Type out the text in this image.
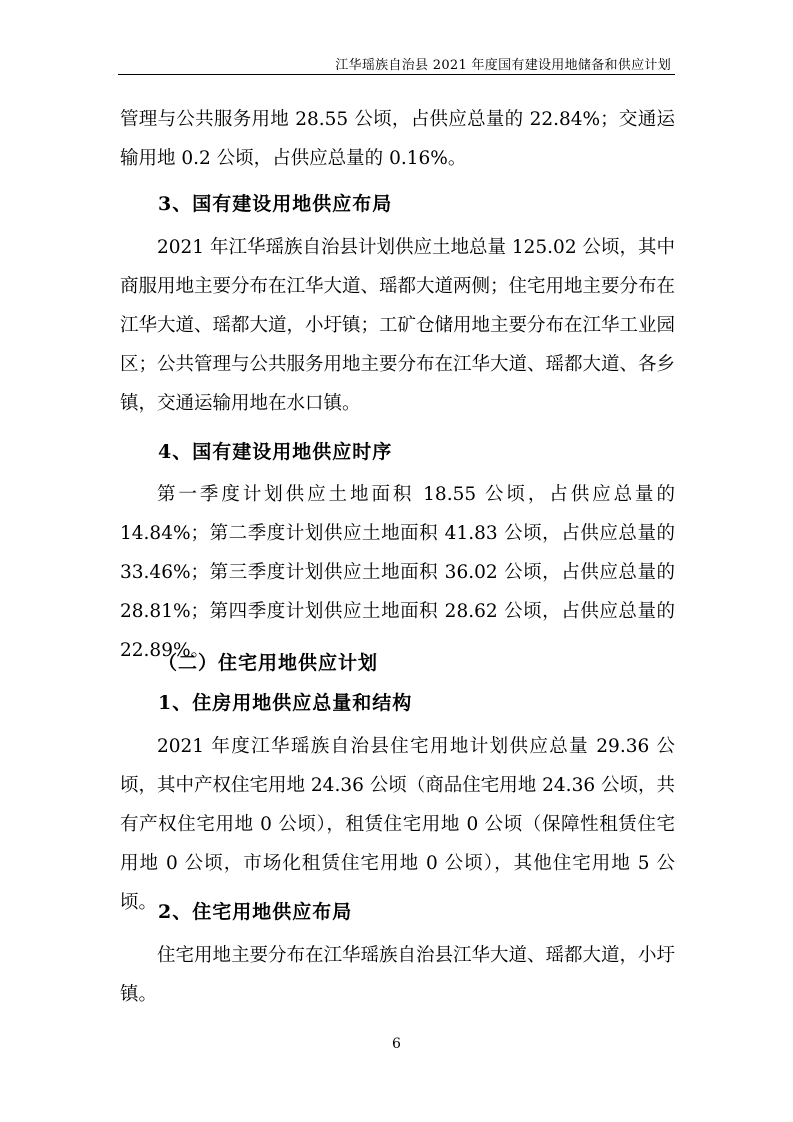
江华瑶族自治县 2021 年度国有建设用地储备和供应计划

管理与公共服务用地 28.55 公顷，占供应总量的 22.84%；交通运输用地 0.2 公顷，占供应总量的 0.16%。

3、国有建设用地供应布局

2021 年江华瑶族自治县计划供应土地总量 125.02 公顷，其中商服用地主要分布在江华大道、瑶都大道两侧；住宅用地主要分布在江华大道、瑶都大道，小圩镇；工矿仓储用地主要分布在江华工业园区；公共管理与公共服务用地主要分布在江华大道、瑶都大道、各乡镇，交通运输用地在水口镇。

4、国有建设用地供应时序

第一季度计划供应土地面积 18.55 公顷，占供应总量的 14.84%；第二季度计划供应土地面积 41.83 公顷，占供应总量的 33.46%；第三季度计划供应土地面积 36.02 公顷，占供应总量的 28.81%；第四季度计划供应土地面积 28.62 公顷，占供应总量的 22.89%。

（二）住宅用地供应计划
1、住房用地供应总量和结构

2021 年度江华瑶族自治县住宅用地计划供应总量 29.36 公顷，其中产权住宅用地 24.36 公顷（商品住宅用地 24.36 公顷，共有产权住宅用地 0 公顷），租赁住宅用地 0 公顷（保障性租赁住宅用地 0 公顷，市场化租赁住宅用地 0 公顷），其他住宅用地 5 公顷。 2、住宅用地供应布局

住宅用地主要分布在江华瑶族自治县江华大道、瑶都大道，小圩镇。

6
